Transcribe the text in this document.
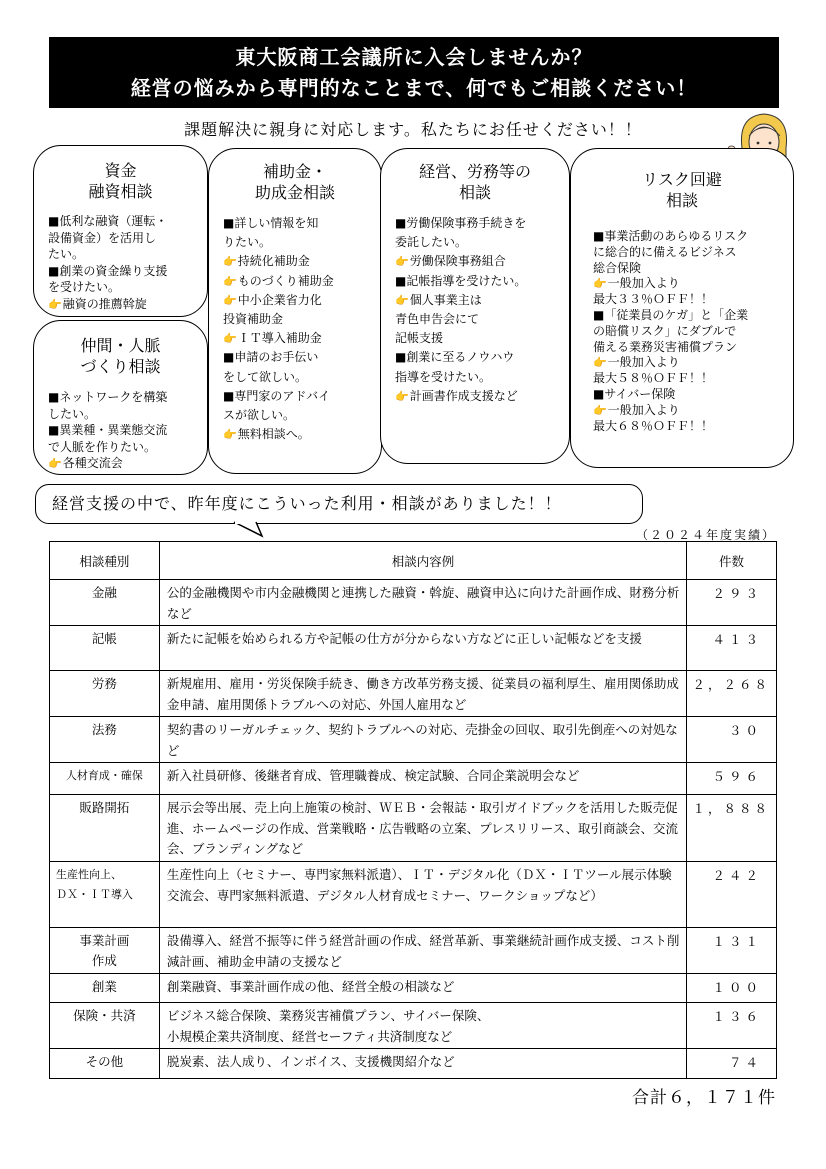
東大阪商工会議所に入会しませんか？
経営の悩みから専門的なことまで、何でもご相談ください！
課題解決に親身に対応します。私たちにお任せください！！
資金
融資相談
■ 低利な融資（運転・
設備資金）を活用し
たい。
■ 創業の資金繰り支援
を受けたい。
👉 融資の推薦斡旋
仲間・人脈
づくり相談
■ ネットワークを構築
したい。
■ 異業種・異業態交流
で人脈を作りたい。
👉 各種交流会
補助金・
助成金相談
■ 詳しい情報を知
りたい。
👉 持続化補助金
👉 ものづくり補助金
👉 中小企業省力化
投資補助金
👉 ＩＴ導入補助金
■ 申請のお手伝い
をして欲しい。
■ 専門家のアドバイ
スが欲しい。
👉 無料相談へ。
経営、労務等の
相談
■ 労働保険事務手続きを
委託したい。
👉 労働保険事務組合
■ 記帳指導を受けたい。
👉 個人事業主は
青色申告会にて
記帳支援
■ 創業に至るノウハウ
指導を受けたい。
👉 計画書作成支援など
リスク回避
相談
■ 事業活動のあらゆるリスク
に総合的に備えるビジネス
総合保険
👉 一般加入より
最大３３％ＯＦＦ！！
■ 「従業員のケガ」と「企業
の賠償リスク」にダブルで
備える業務災害補償プラン
👉 一般加入より
最大５８％ＯＦＦ！！
■ サイバー保険
👉 一般加入より
最大６８％ＯＦＦ！！
経営支援の中で、昨年度にこういった利用・相談がありました！！
（２０２４年度実績）
相談種別	相談内容例	件数
金融	公的金融機関や市内金融機関と連携した融資・斡旋、融資申込に向けた計画作成、財務分析など	２９３
記帳	新たに記帳を始められる方や記帳の仕方が分からない方などに正しい記帳などを支援	４１３
労務	新規雇用、雇用・労災保険手続き、働き方改革労務支援、従業員の福利厚生、雇用関係助成金申請、雇用関係トラブルへの対応、外国人雇用など	２，２６８
法務	契約書のリーガルチェック、契約トラブルへの対応、売掛金の回収、取引先倒産への対処など	３０
人材育成・確保	新入社員研修、後継者育成、管理職養成、検定試験、合同企業説明会など	５９６
販路開拓	展示会等出展、売上向上施策の検討、ＷＥＢ・会報誌・取引ガイドブックを活用した販売促進、ホームページの作成、営業戦略・広告戦略の立案、プレスリリース、取引商談会、交流会、ブランディングなど	１，８８８
生産性向上、
ＤＸ・ＩＴ導入	生産性向上（セミナー、専門家無料派遣）、ＩＴ・デジタル化（ＤＸ・ＩＴツール展示体験交流会、専門家無料派遣、デジタル人材育成セミナー、ワークショップなど）	２４２
事業計画
作成	設備導入、経営不振等に伴う経営計画の作成、経営革新、事業継続計画作成支援、コスト削減計画、補助金申請の支援など	１３１
創業	創業融資、事業計画作成の他、経営全般の相談など	１００
保険・共済	ビジネス総合保険、業務災害補償プラン、サイバー保険、
小規模企業共済制度、経営セーフティ共済制度など	１３６
その他	脱炭素、法人成り、インボイス、支援機関紹介など	７４
合計６，１７１件
